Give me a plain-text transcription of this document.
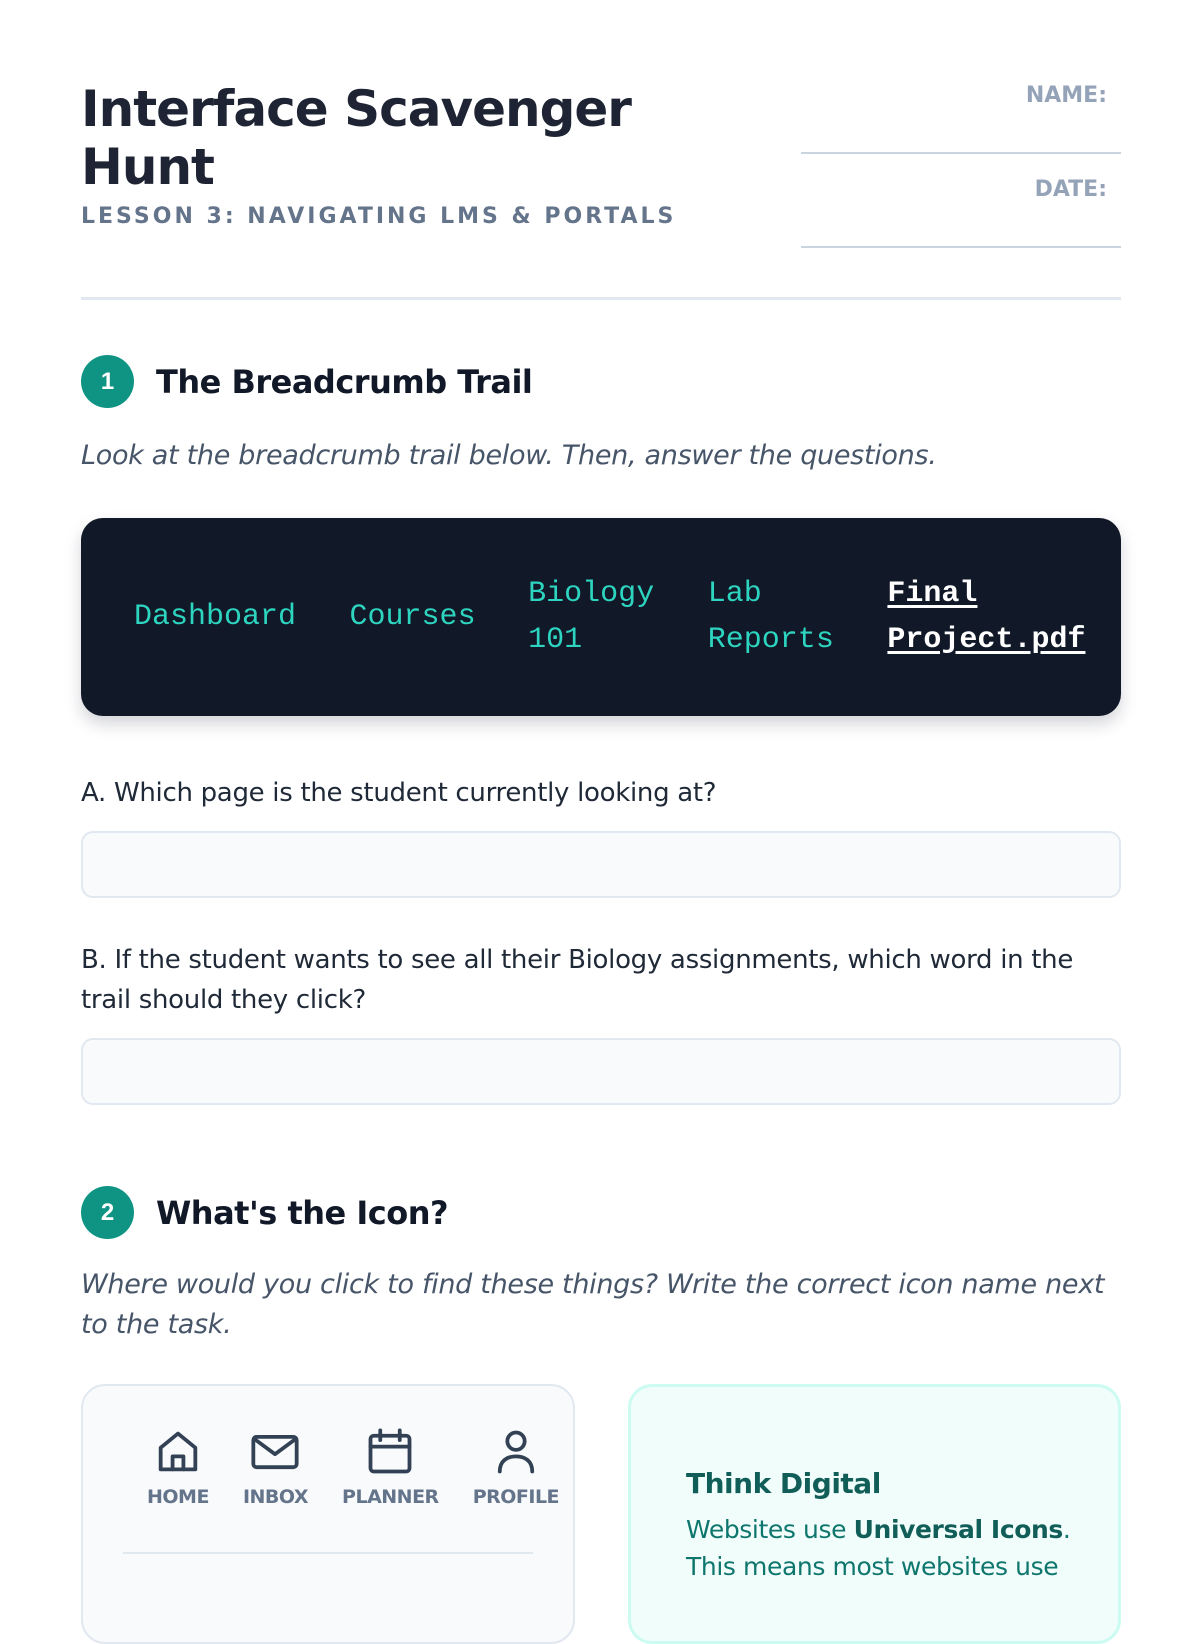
Interface Scavenger Hunt
LESSON 3: NAVIGATING LMS & PORTALS
NAME:
DATE:
1	The Breadcrumb Trail
Look at the breadcrumb trail below. Then, answer the questions.
Dashboard	Courses
Biology 101
Lab Reports
Final Project.pdf
A. Which page is the student currently looking at?
B. If the student wants to see all their Biology assignments, which word in the trail should they click?
2	What's the Icon?
Where would you click to find these things? Write the correct icon name next to the task.
HOME INBOX PLANNER PROFILE	Think Digital
Websites use Universal Icons. This means most websites use
